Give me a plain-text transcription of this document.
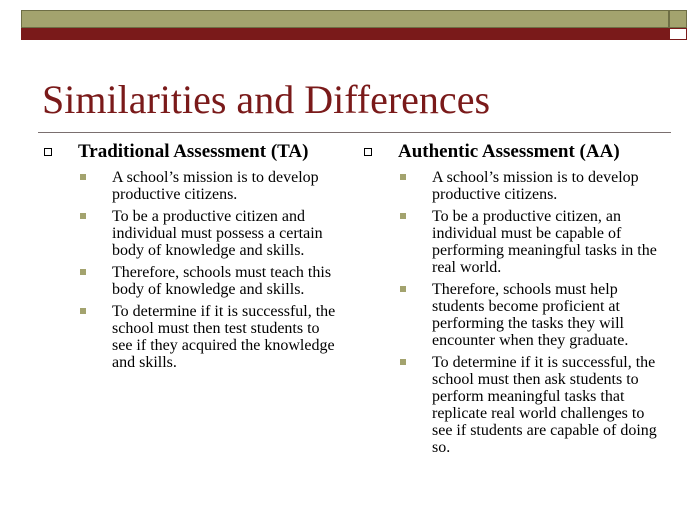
Similarities and Differences
Traditional Assessment (TA)
A school’s mission is to develop productive citizens.
To be a productive citizen and individual must possess a certain body of knowledge and skills.
Therefore, schools must teach this body of knowledge and skills.
To determine if it is successful, the school must then test students to see if they acquired the knowledge and skills.
Authentic Assessment (AA)
A school’s mission is to develop productive citizens.
To be a productive citizen, an individual must be capable of performing meaningful tasks in the real world.
Therefore, schools must help students become proficient at performing the tasks they will encounter when they graduate.
To determine if it is successful, the school must then ask students to perform meaningful tasks that replicate real world challenges to see if students are capable of doing so.
